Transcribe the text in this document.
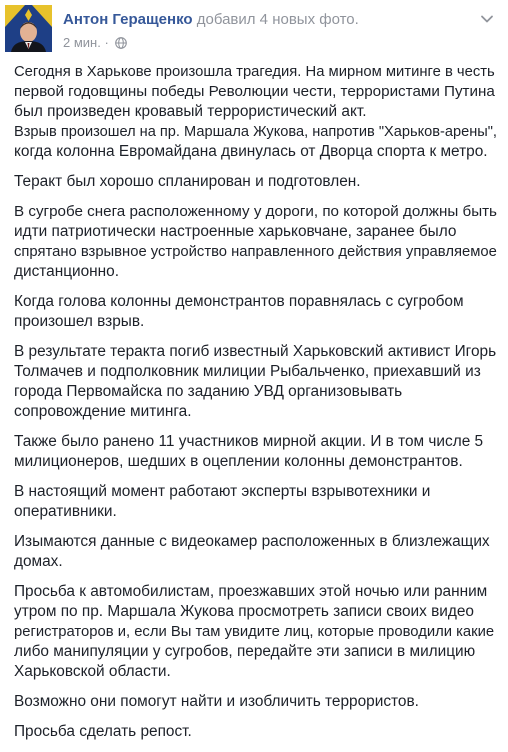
Антон Геращенко добавил 4 новых фото.
2 мин. ·

Сегодня в Харькове произошла трагедия. На мирном митинге в честь
первой годовщины победы Революции чести, террористами Путина
был произведен кровавый террористический акт.
Взрыв произошел на пр. Маршала Жукова, напротив "Харьков-арены",
когда колонна Евромайдана двинулась от Дворца спорта к метро.

Теракт был хорошо спланирован и подготовлен.

В сугробе снега расположенному у дороги, по которой должны быть
идти патриотически настроенные харьковчане, заранее было
спрятано взрывное устройство направленного действия управляемое
дистанционно.

Когда голова колонны демонстрантов поравнялась с сугробом
произошел взрыв.

В результате теракта погиб известный Харьковский активист Игорь
Толмачев и подполковник милиции Рыбальченко, приехавший из
города Первомайска по заданию УВД организовывать
сопровождение митинга.

Также было ранено 11 участников мирной акции. И в том числе 5
милиционеров, шедших в оцеплении колонны демонстрантов.

В настоящий момент работают эксперты взрывотехники и
оперативники.

Изымаются данные с видеокамер расположенных в близлежащих
домах.

Просьба к автомобилистам, проезжавших этой ночью или ранним
утром по пр. Маршала Жукова просмотреть записи своих видео
регистраторов и, если Вы там увидите лиц, которые проводили какие
либо манипуляции у сугробов, передайте эти записи в милицию
Харьковской области.

Возможно они помогут найти и изобличить террористов.

Просьба сделать репост.
